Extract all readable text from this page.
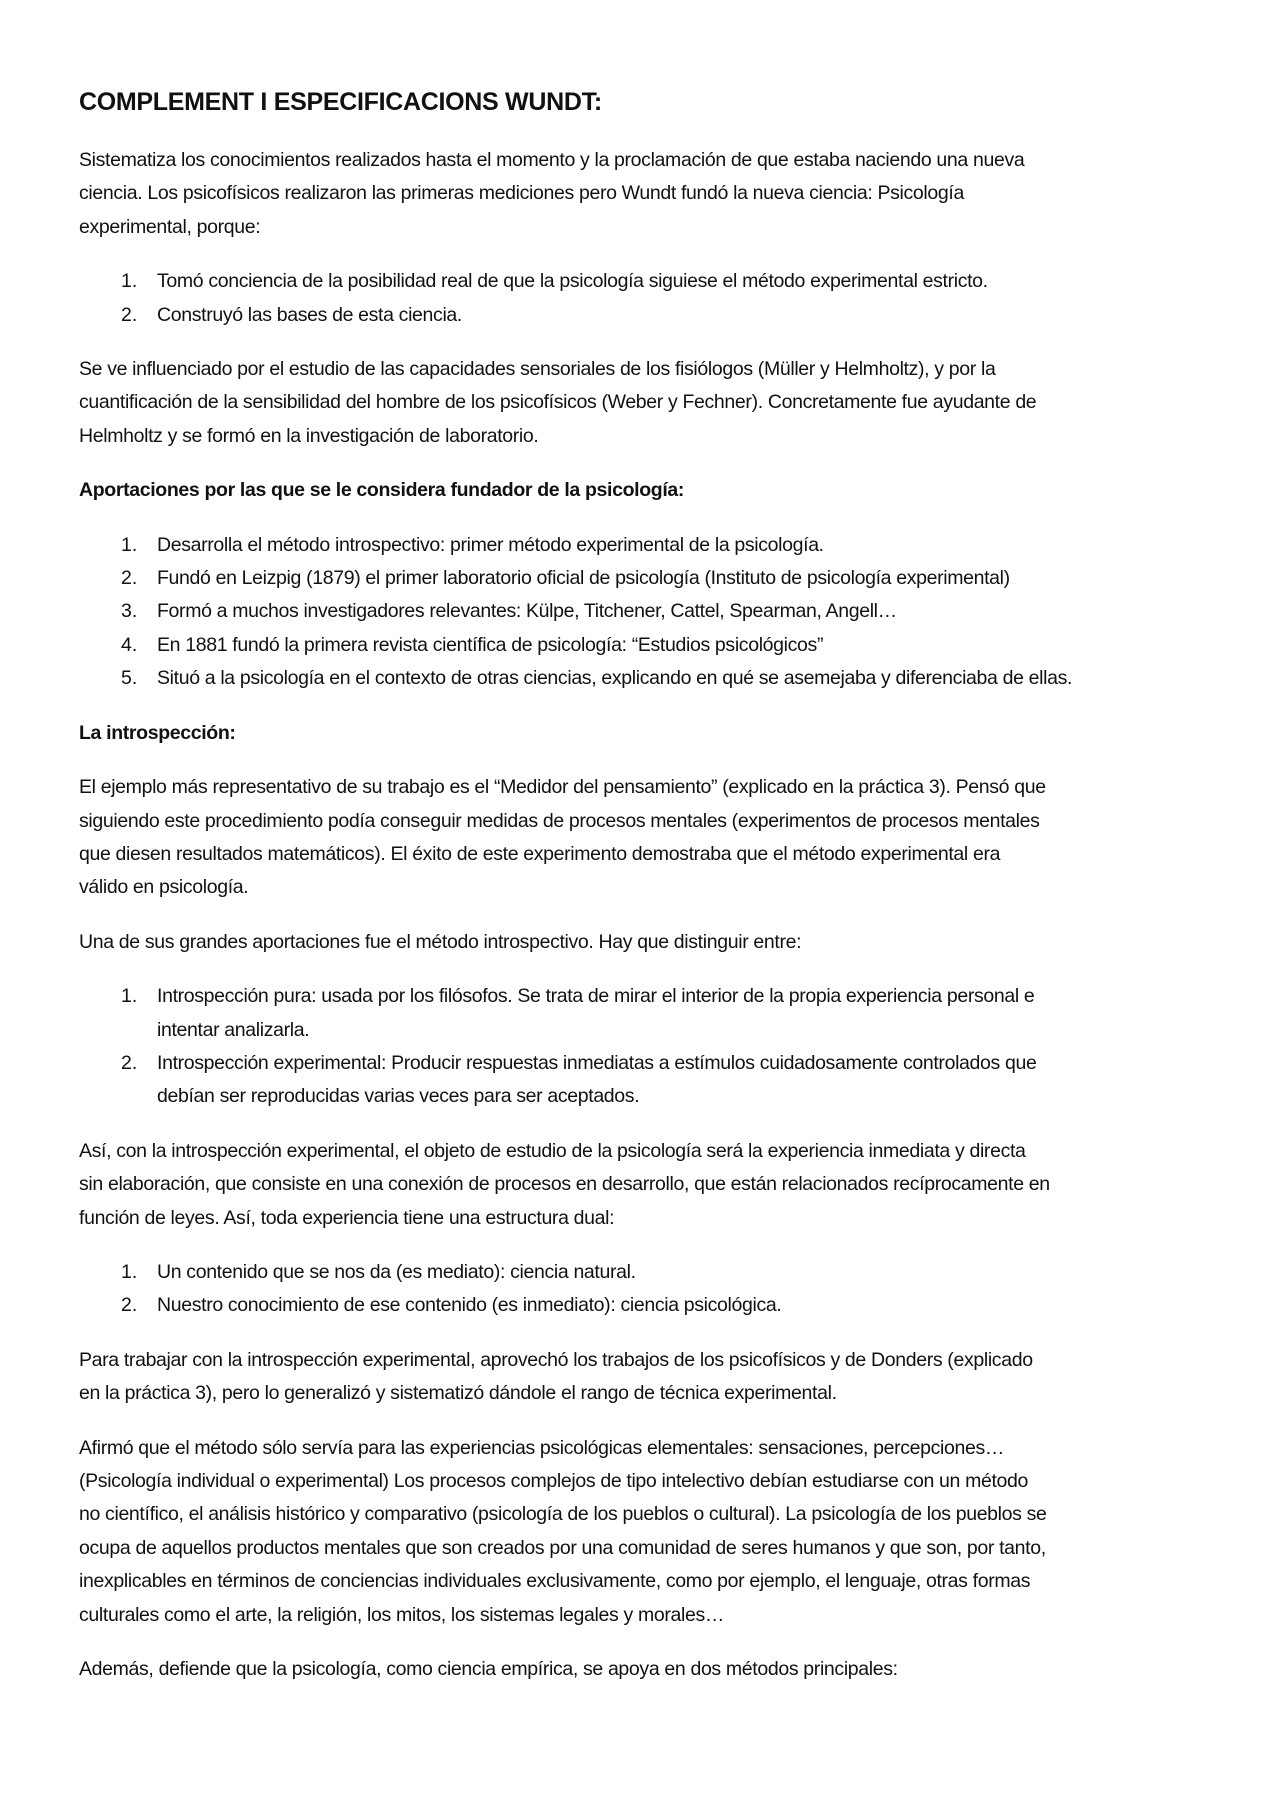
COMPLEMENT I ESPECIFICACIONS WUNDT:
Sistematiza los conocimientos realizados hasta el momento y la proclamación de que estaba naciendo una nueva
ciencia. Los psicofísicos realizaron las primeras mediciones pero Wundt fundó la nueva ciencia: Psicología
experimental, porque:
1. Tomó conciencia de la posibilidad real de que la psicología siguiese el método experimental estricto.
2. Construyó las bases de esta ciencia.
Se ve influenciado por el estudio de las capacidades sensoriales de los fisiólogos (Müller y Helmholtz), y por la
cuantificación de la sensibilidad del hombre de los psicofísicos (Weber y Fechner). Concretamente fue ayudante de
Helmholtz y se formó en la investigación de laboratorio.
Aportaciones por las que se le considera fundador de la psicología:
1. Desarrolla el método introspectivo: primer método experimental de la psicología.
2. Fundó en Leizpig (1879) el primer laboratorio oficial de psicología (Instituto de psicología experimental)
3. Formó a muchos investigadores relevantes: Külpe, Titchener, Cattel, Spearman, Angell…
4. En 1881 fundó la primera revista científica de psicología: “Estudios psicológicos”
5. Situó a la psicología en el contexto de otras ciencias, explicando en qué se asemejaba y diferenciaba de ellas.
La introspección:
El ejemplo más representativo de su trabajo es el “Medidor del pensamiento” (explicado en la práctica 3). Pensó que
siguiendo este procedimiento podía conseguir medidas de procesos mentales (experimentos de procesos mentales
que diesen resultados matemáticos). El éxito de este experimento demostraba que el método experimental era
válido en psicología.
Una de sus grandes aportaciones fue el método introspectivo. Hay que distinguir entre:
1. Introspección pura: usada por los filósofos. Se trata de mirar el interior de la propia experiencia personal e
intentar analizarla.
2. Introspección experimental: Producir respuestas inmediatas a estímulos cuidadosamente controlados que
debían ser reproducidas varias veces para ser aceptados.
Así, con la introspección experimental, el objeto de estudio de la psicología será la experiencia inmediata y directa
sin elaboración, que consiste en una conexión de procesos en desarrollo, que están relacionados recíprocamente en
función de leyes. Así, toda experiencia tiene una estructura dual:
1. Un contenido que se nos da (es mediato): ciencia natural.
2. Nuestro conocimiento de ese contenido (es inmediato): ciencia psicológica.
Para trabajar con la introspección experimental, aprovechó los trabajos de los psicofísicos y de Donders (explicado
en la práctica 3), pero lo generalizó y sistematizó dándole el rango de técnica experimental.
Afirmó que el método sólo servía para las experiencias psicológicas elementales: sensaciones, percepciones…
(Psicología individual o experimental) Los procesos complejos de tipo intelectivo debían estudiarse con un método
no científico, el análisis histórico y comparativo (psicología de los pueblos o cultural). La psicología de los pueblos se
ocupa de aquellos productos mentales que son creados por una comunidad de seres humanos y que son, por tanto,
inexplicables en términos de conciencias individuales exclusivamente, como por ejemplo, el lenguaje, otras formas
culturales como el arte, la religión, los mitos, los sistemas legales y morales…
Además, defiende que la psicología, como ciencia empírica, se apoya en dos métodos principales:
